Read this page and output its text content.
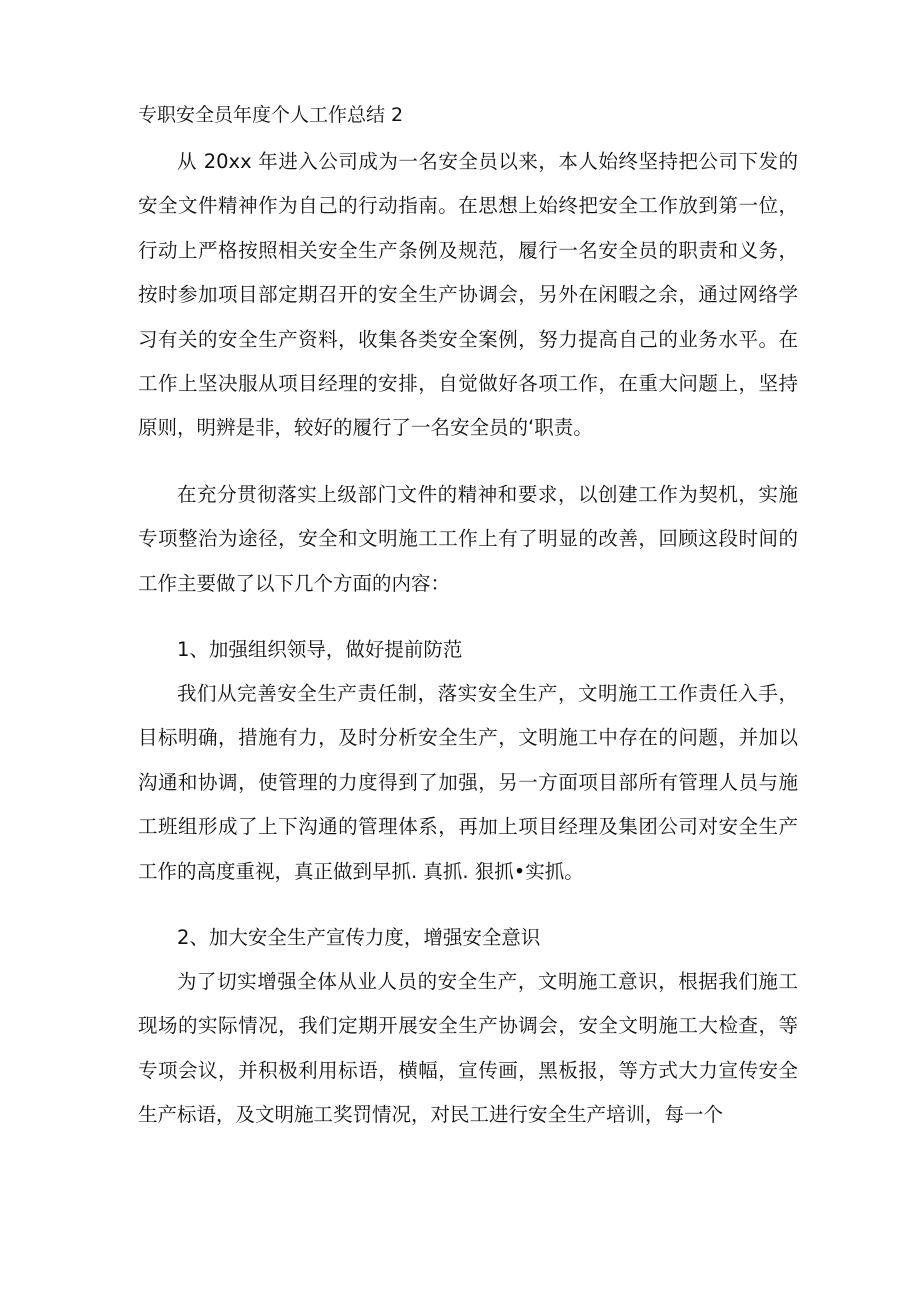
专职安全员年度个人工作总结 2

从 20xx 年进入公司成为一名安全员以来，本人始终坚持把公司下发的安全文件精神作为自己的行动指南。在思想上始终把安全工作放到第一位，行动上严格按照相关安全生产条例及规范，履行一名安全员的职责和义务，按时参加项目部定期召开的安全生产协调会，另外在闲暇之余，通过网络学习有关的安全生产资料，收集各类安全案例，努力提高自己的业务水平。在工作上坚决服从项目经理的安排，自觉做好各项工作，在重大问题上，坚持原则，明辨是非，较好的履行了一名安全员的‘职责。

在充分贯彻落实上级部门文件的精神和要求，以创建工作为契机，实施专项整治为途径，安全和文明施工工作上有了明显的改善，回顾这段时间的工作主要做了以下几个方面的内容：

1、加强组织领导，做好提前防范

我们从完善安全生产责任制，落实安全生产，文明施工工作责任入手，目标明确，措施有力，及时分析安全生产，文明施工中存在的问题，并加以沟通和协调，使管理的力度得到了加强，另一方面项目部所有管理人员与施工班组形成了上下沟通的管理体系，再加上项目经理及集团公司对安全生产工作的高度重视，真正做到早抓. 真抓. 狠抓•实抓。

2、加大安全生产宣传力度，增强安全意识

为了切实增强全体从业人员的安全生产，文明施工意识，根据我们施工现场的实际情况，我们定期开展安全生产协调会，安全文明施工大检查，等专项会议，并积极利用标语，横幅，宣传画，黑板报，等方式大力宣传安全生产标语，及文明施工奖罚情况，对民工进行安全生产培训，每一个
